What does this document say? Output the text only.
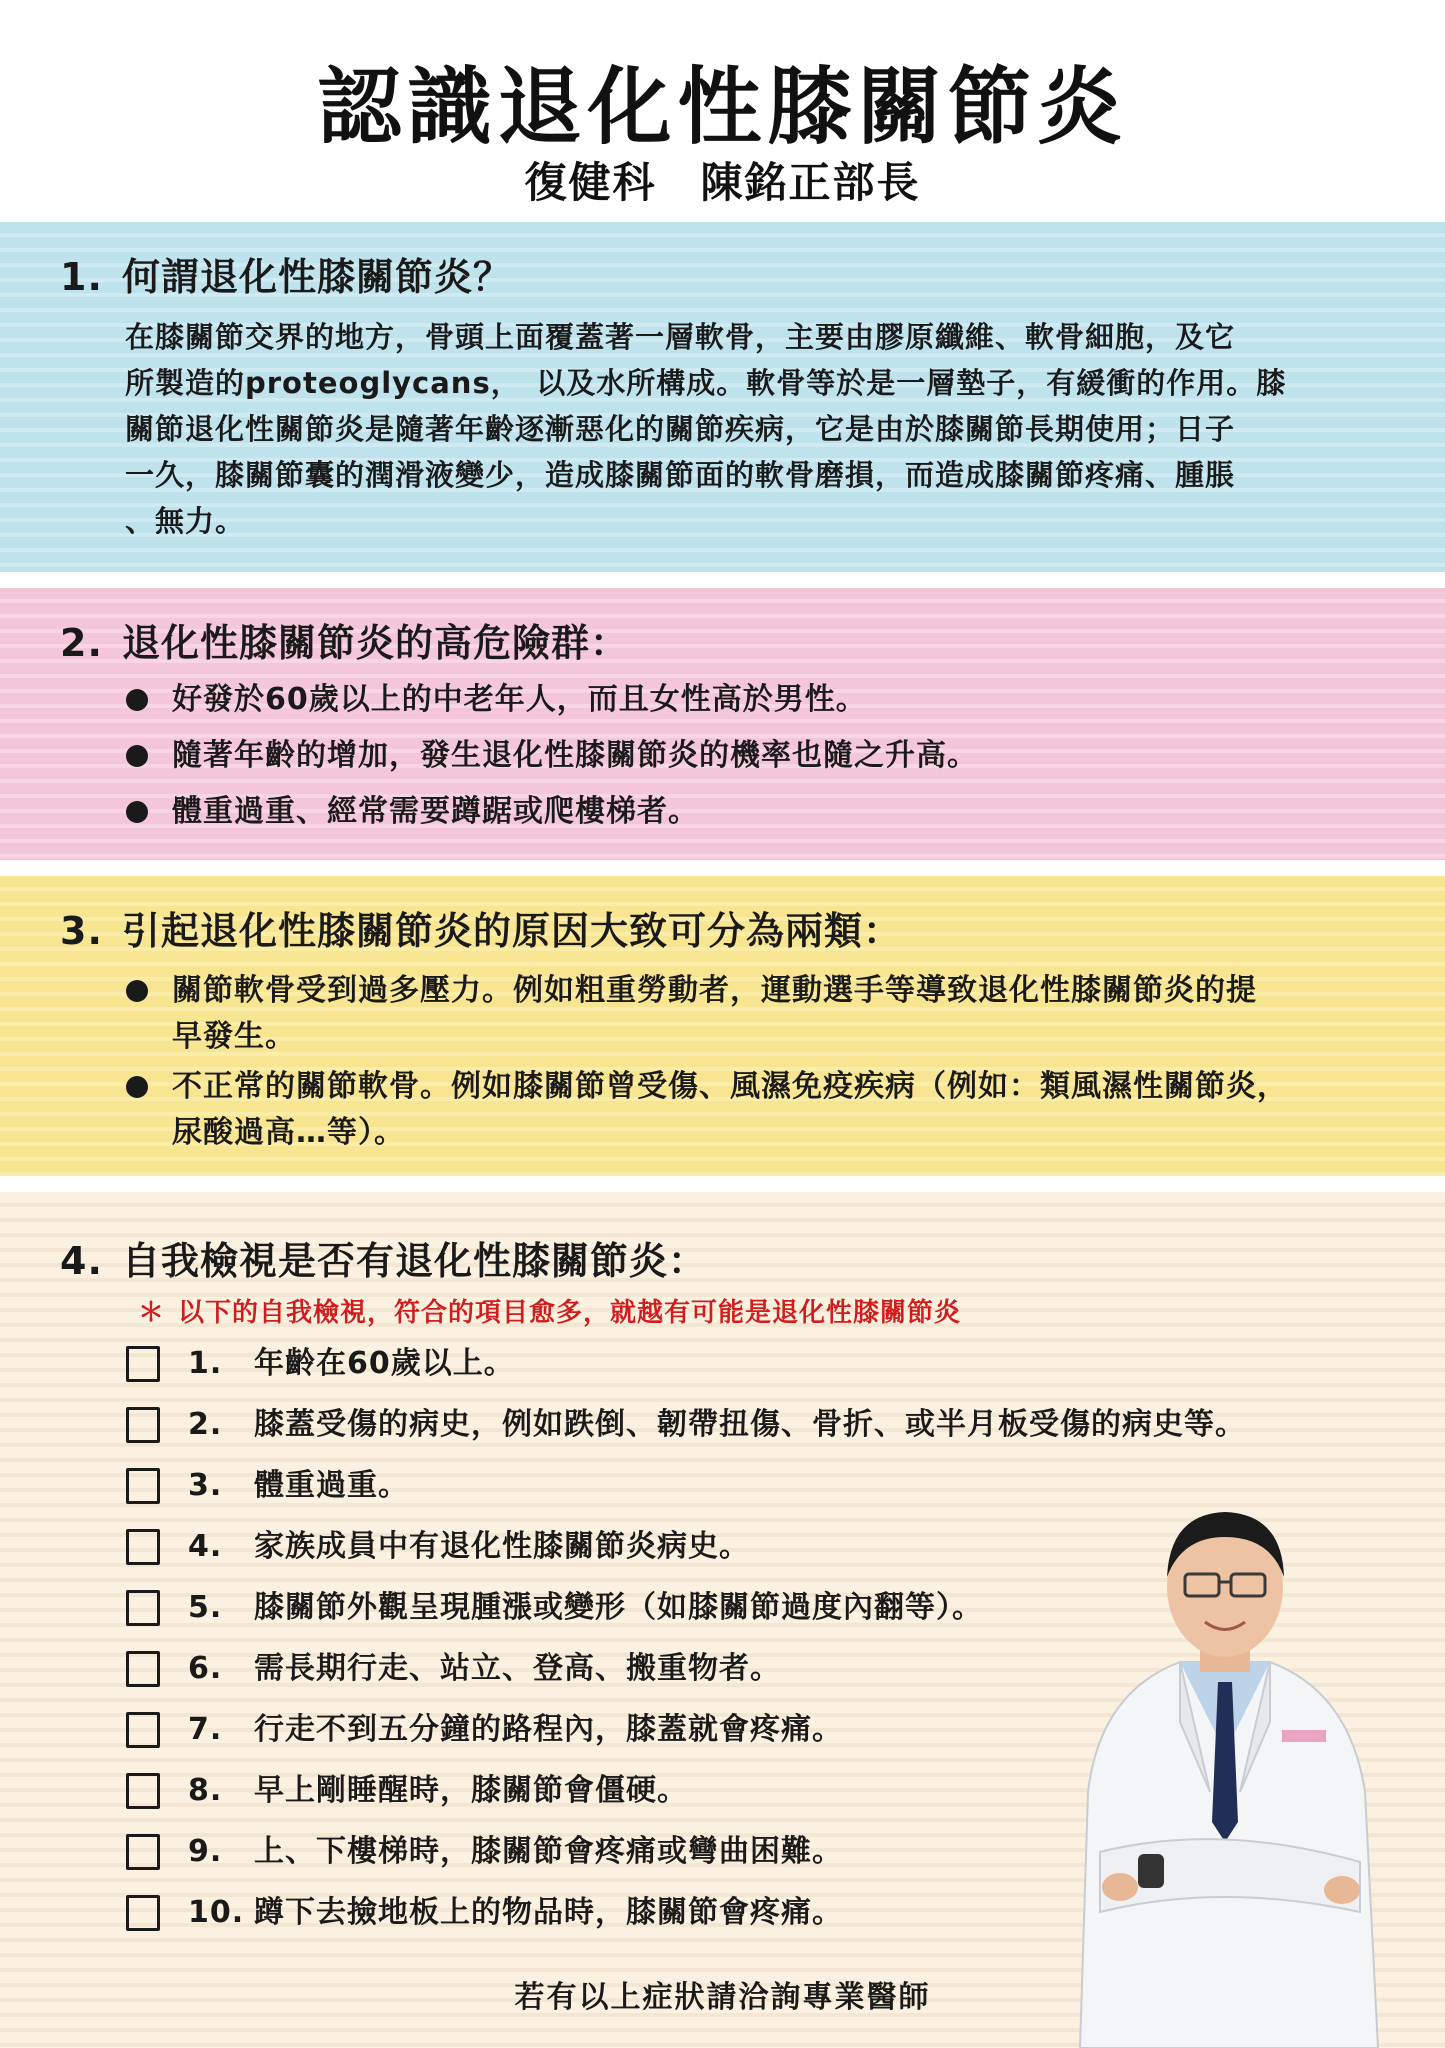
認識退化性膝關節炎
復健科　陳銘正部長
1. 何謂退化性膝關節炎？
在膝關節交界的地方，骨頭上面覆蓋著一層軟骨，主要由膠原纖維、軟骨細胞，及它
所製造的proteoglycans，　以及水所構成。軟骨等於是一層墊子，有緩衝的作用。膝
關節退化性關節炎是隨著年齡逐漸惡化的關節疾病，它是由於膝關節長期使用；日子
一久，膝關節囊的潤滑液變少，造成膝關節面的軟骨磨損，而造成膝關節疼痛、腫脹
、無力。
2. 退化性膝關節炎的高危險群：
好發於60歲以上的中老年人，而且女性高於男性。
隨著年齡的增加，發生退化性膝關節炎的機率也隨之升高。
體重過重、經常需要蹲踞或爬樓梯者。
3. 引起退化性膝關節炎的原因大致可分為兩類：
關節軟骨受到過多壓力。例如粗重勞動者，運動選手等導致退化性膝關節炎的提
早發生。
不正常的關節軟骨。例如膝關節曾受傷、風濕免疫疾病（例如：類風濕性關節炎，
尿酸過高…等）。
4. 自我檢視是否有退化性膝關節炎：
＊ 以下的自我檢視，符合的項目愈多，就越有可能是退化性膝關節炎
1. 年齡在60歲以上。
2. 膝蓋受傷的病史，例如跌倒、韌帶扭傷、骨折、或半月板受傷的病史等。
3. 體重過重。
4. 家族成員中有退化性膝關節炎病史。
5. 膝關節外觀呈現腫漲或變形（如膝關節過度內翻等）。
6. 需長期行走、站立、登高、搬重物者。
7. 行走不到五分鐘的路程內，膝蓋就會疼痛。
8. 早上剛睡醒時，膝關節會僵硬。
9. 上、下樓梯時，膝關節會疼痛或彎曲困難。
10. 蹲下去撿地板上的物品時，膝關節會疼痛。
若有以上症狀請洽詢專業醫師
